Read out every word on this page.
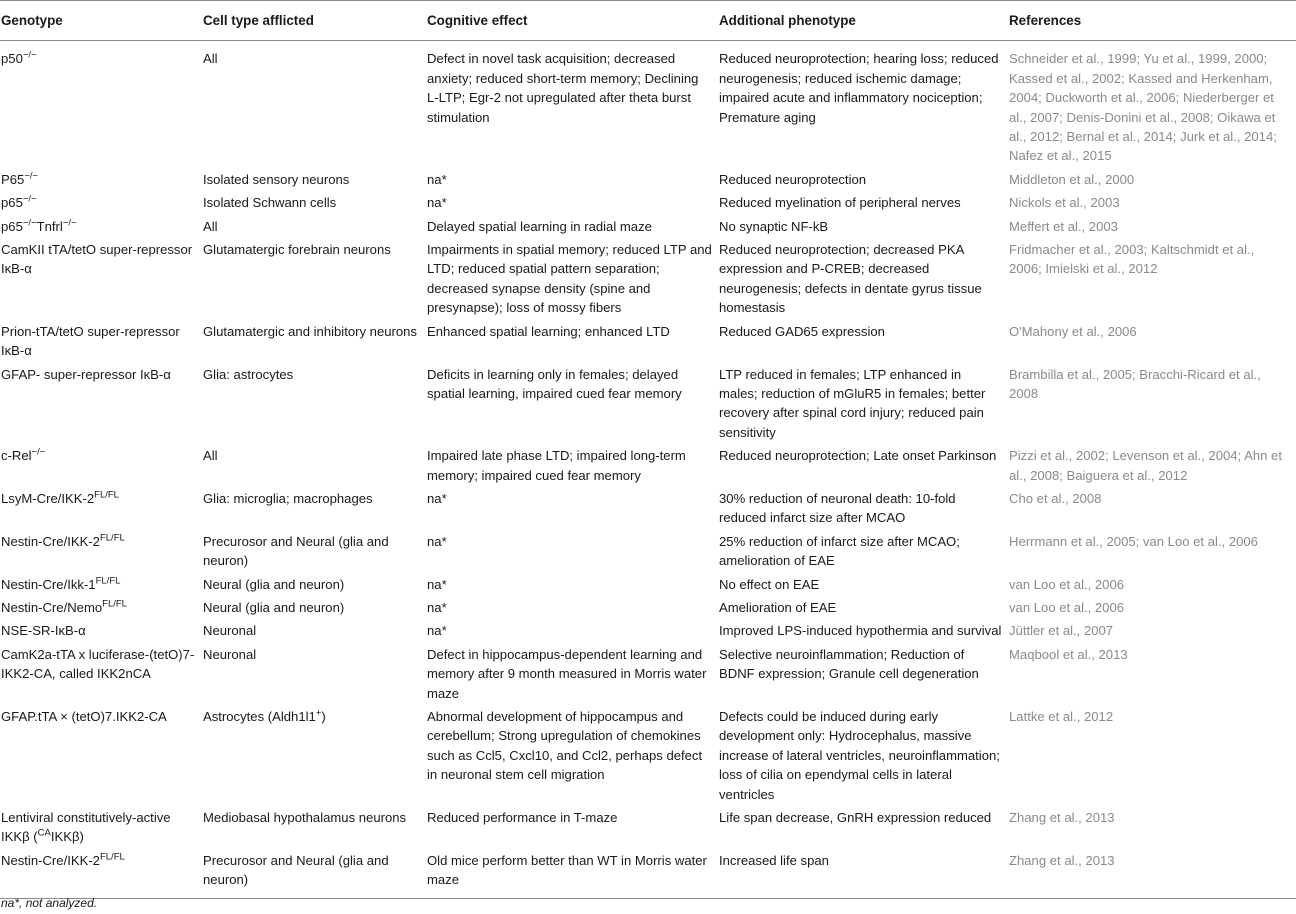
Genotype	Cell type afflicted	Cognitive effect	Additional phenotype	References
p50−/−	All	Defect in novel task acquisition; decreased anxiety; reduced short-term memory; Declining L-LTP; Egr-2 not upregulated after theta burst stimulation	Reduced neuroprotection; hearing loss; reduced neurogenesis; reduced ischemic damage; impaired acute and inflammatory nociception; Premature aging	Schneider et al., 1999; Yu et al., 1999, 2000; Kassed et al., 2002; Kassed and Herkenham, 2004; Duckworth et al., 2006; Niederberger et al., 2007; Denis-Donini et al., 2008; Oikawa et al., 2012; Bernal et al., 2014; Jurk et al., 2014; Nafez et al., 2015
P65−/−	Isolated sensory neurons	na*	Reduced neuroprotection	Middleton et al., 2000
p65−/−	Isolated Schwann cells	na*	Reduced myelination of peripheral nerves	Nickols et al., 2003
p65−/−Tnfrl−/−	All	Delayed spatial learning in radial maze	No synaptic NF-kB	Meffert et al., 2003
CamKII tTA/tetO super-repressor IκB-α	Glutamatergic forebrain neurons	Impairments in spatial memory; reduced LTP and LTD; reduced spatial pattern separation; decreased synapse density (spine and presynapse); loss of mossy fibers	Reduced neuroprotection; decreased PKA expression and P-CREB; decreased neurogenesis; defects in dentate gyrus tissue homestasis	Fridmacher et al., 2003; Kaltschmidt et al., 2006; Imielski et al., 2012
Prion-tTA/tetO super-repressor IκB-α	Glutamatergic and inhibitory neurons	Enhanced spatial learning; enhanced LTD	Reduced GAD65 expression	O'Mahony et al., 2006
GFAP- super-repressor IκB-α	Glia: astrocytes	Deficits in learning only in females; delayed spatial learning, impaired cued fear memory	LTP reduced in females; LTP enhanced in males; reduction of mGluR5 in females; better recovery after spinal cord injury; reduced pain sensitivity	Brambilla et al., 2005; Bracchi-Ricard et al., 2008
c-Rel−/−	All	Impaired late phase LTD; impaired long-term memory; impaired cued fear memory	Reduced neuroprotection; Late onset Parkinson	Pizzi et al., 2002; Levenson et al., 2004; Ahn et al., 2008; Baiguera et al., 2012
LsyM-$Cre/IKK-2^{FL/FL}$	Glia: microglia; macrophages	na*	30% reduction of neuronal death: 10-fold reduced infarct size after MCAO	Cho et al., 2008
Nestin-$Cre/IKK-2^{FL/FL}$	Precurosor and Neural (glia and neuron)	na*	25% reduction of infarct size after MCAO; amelioration of EAE	Herrmann et al., 2005; van Loo et al., 2006
Nestin-$Cre/Ikk-1^{FL/FL}$	Neural (glia and neuron)	na*	No effect on EAE	van Loo et al., 2006
Nestin-Cre/Nemo$^{FL/FL}$	Neural (glia and neuron)	na*	Amelioration of EAE	van Loo et al., 2006
NSE-SR-IκB-α	Neuronal	na*	Improved LPS-induced hypothermia and survival	Jüttler et al., 2007
CamK2a-tTA x luciferase-(tetO)7-IKK2-CA, called IKK2nCA	Neuronal	Defect in hippocampus-dependent learning and memory after 9 month measured in Morris water maze	Selective neuroinflammation; Reduction of BDNF expression; Granule cell degeneration	Maqbool et al., 2013
GFAP.tTA × (tetO)7.IKK2-CA	Astrocytes (Aldh1l1+)	Abnormal development of hippocampus and cerebellum; Strong upregulation of chemokines such as Ccl5, Cxcl10, and Ccl2, perhaps defect in neuronal stem cell migration	Defects could be induced during early development only: Hydrocephalus, massive increase of lateral ventricles, neuroinflammation; loss of cilia on ependymal cells in lateral ventricles	Lattke et al., 2012
Lentiviral constitutively-active IKKβ ($^{CA}$IKKβ)	Mediobasal hypothalamus neurons	Reduced performance in T-maze	Life span decrease, GnRH expression reduced	Zhang et al., 2013
Nestin-$Cre/IKK-2^{FL/FL}$	Precurosor and Neural (glia and neuron)	Old mice perform better than WT in Morris water maze	Increased life span	Zhang et al., 2013
na*, not analyzed.
